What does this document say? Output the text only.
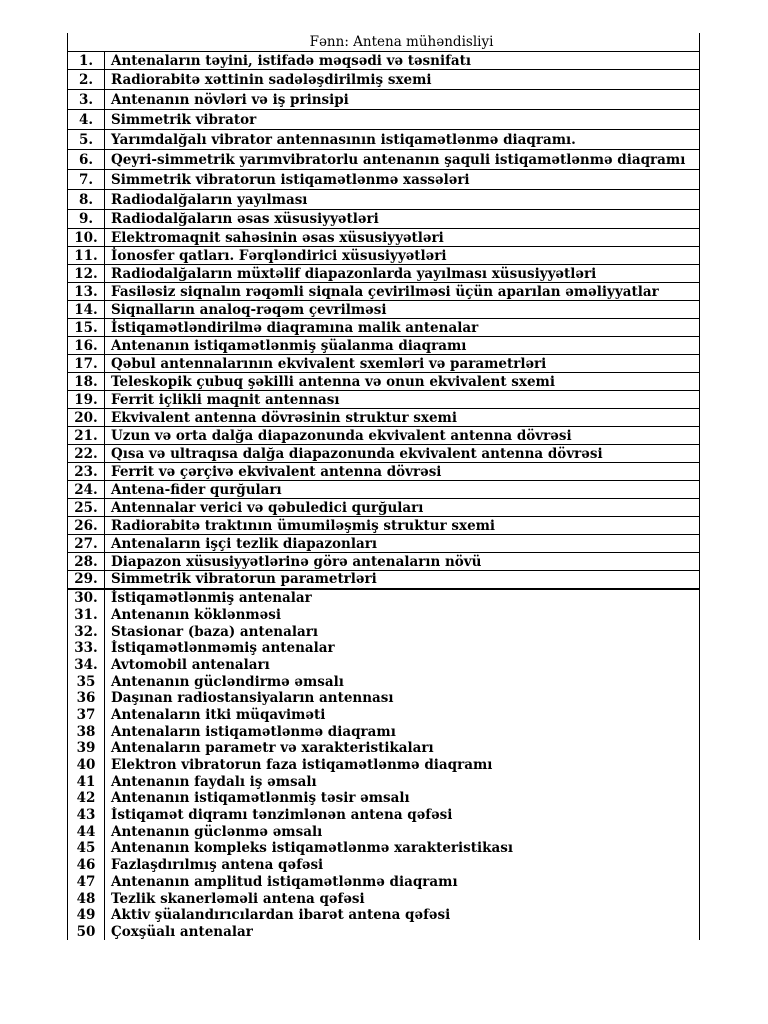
Fənn: Antena mühəndisliyi
1.	Antenaların təyini, istifadə məqsədi və təsnifatı
2.	Radiorabitə xəttinin sadələşdirilmiş sxemi
3.	Antenanın növləri və iş prinsipi
4.	Simmetrik vibrator
5.	Yarımdalğalı vibrator antennasının istiqamətlənmə diaqramı.
6.	Qeyri-simmetrik yarımvibratorlu antenanın şaquli istiqamətlənmə diaqramı
7.	Simmetrik vibratorun istiqamətlənmə xassələri
8.	Radiodalğaların yayılması
9.	Radiodalğaların əsas xüsusiyyətləri
10.	Elektromaqnit sahəsinin əsas xüsusiyyətləri
11.	İonosfer qatları. Fərqləndirici xüsusiyyətləri
12.	Radiodalğaların müxtəlif diapazonlarda yayılması xüsusiyyətləri
13.	Fasiləsiz siqnalın rəqəmli siqnala çevirilməsi üçün aparılan əməliyyatlar
14.	Siqnalların analoq-rəqəm çevrilməsi
15.	İstiqamətləndirilmə diaqramına malik antenalar
16.	Antenanın istiqamətlənmiş şüalanma diaqramı
17.	Qəbul antennalarının ekvivalent sxemləri və parametrləri
18.	Teleskopik çubuq şəkilli antenna və onun ekvivalent sxemi
19.	Ferrit içlikli maqnit antennası
20.	Ekvivalent antenna dövrəsinin struktur sxemi
21.	Uzun və orta dalğa diapazonunda ekvivalent antenna dövrəsi
22.	Qısa və ultraqısa dalğa diapazonunda ekvivalent antenna dövrəsi
23.	Ferrit və çərçivə ekvivalent antenna dövrəsi
24.	Antena-fider qurğuları
25.	Antennalar verici və qəbuledici qurğuları
26.	Radiorabitə traktının ümumiləşmiş struktur sxemi
27.	Antenaların işçi tezlik diapazonları
28.	Diapazon xüsusiyyətlərinə görə antenaların növü
29.	Simmetrik vibratorun parametrləri
30.	İstiqamətlənmiş antenalar
31.	Antenanın köklənməsi
32.	Stasionar (baza) antenaları
33.	İstiqamətlənməmiş antenalar
34.	Avtomobil antenaları
35	Antenanın gücləndirmə əmsalı
36	Daşınan radiostansiyaların antennası
37	Antenaların itki müqaviməti
38	Antenaların istiqamətlənmə diaqramı
39	Antenaların parametr və xarakteristikaları
40	Elektron vibratorun faza istiqamətlənmə diaqramı
41	Antenanın faydalı iş əmsalı
42	Antenanın istiqamətlənmiş təsir əmsalı
43	İstiqamət diqramı tənzimlənən antena qəfəsi
44	Antenanın güclənmə əmsalı
45	Antenanın kompleks istiqamətlənmə xarakteristikası
46	Fazlaşdırılmış antena qəfəsi
47	Antenanın amplitud istiqamətlənmə diaqramı
48	Tezlik skanerləməli antena qəfəsi
49	Aktiv şüalandırıcılardan ibarət antena qəfəsi
50	Çoxşüalı antenalar
